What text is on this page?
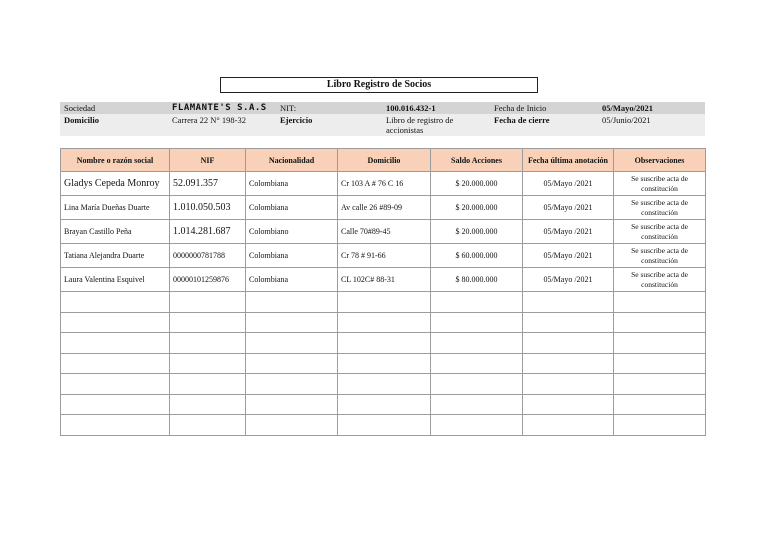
Libro Registro de Socios
Sociedad	FLAMANTE'S S.A.S	NIT:	100.016.432-1	Fecha de Inicio	05/Mayo/2021
Domicilio	Carrera 22 N° 198-32	Ejercicio	Libro de registro de accionistas	Fecha de cierre	05/Junio/2021
Nombre o razón social	NIF	Nacionalidad	Domicilio	Saldo Acciones	Fecha última anotación	Observaciones
Gladys Cepeda Monroy	52.091.357	Colombiana	Cr 103 A # 76 C 16	$ 20.000.000	05/Mayo /2021	Se suscribe acta de constitución
Lina María Dueñas Duarte	1.010.050.503	Colombiana	Av calle 26 #89-09	$ 20.000.000	05/Mayo /2021	Se suscribe acta de constitución
Brayan Castillo Peña	1.014.281.687	Colombiano	Calle 70#89-45	$ 20.000.000	05/Mayo /2021	Se suscribe acta de constitución
Tatiana Alejandra Duarte	0000000781788	Colombiana	Cr 78 # 91-66	$ 60.000.000	05/Mayo /2021	Se suscribe acta de constitución
Laura Valentina Esquivel	00000101259876	Colombiana	CL 102C# 88-31	$ 80.000.000	05/Mayo /2021	Se suscribe acta de constitución
